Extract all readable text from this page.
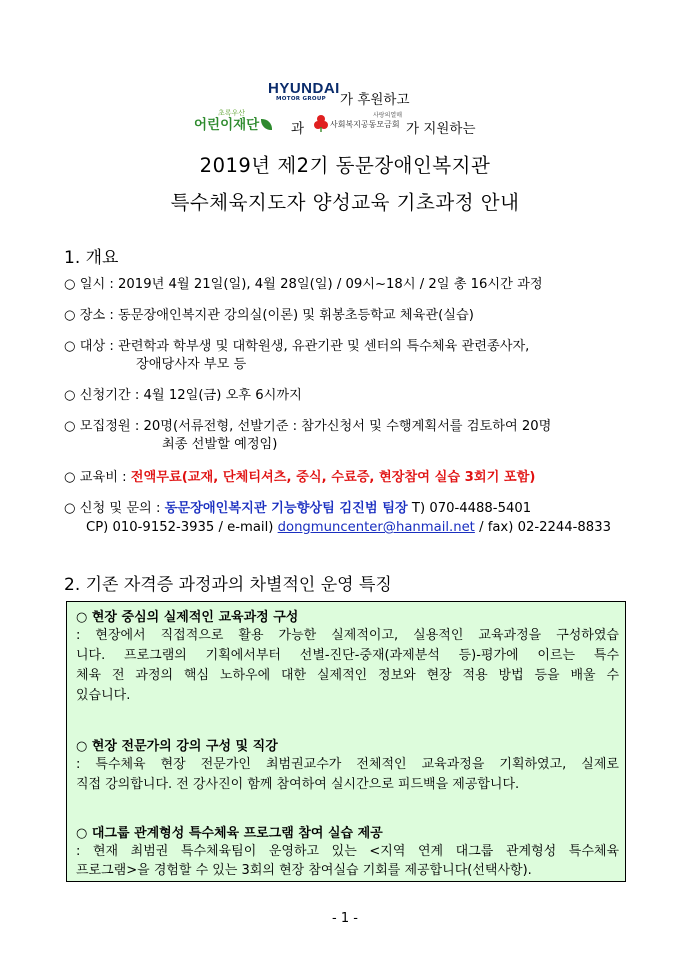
HYUNDAI
MOTOR GROUP	가 후원하고
초록우산
어린이재단	과
사랑의열매
사회복지공동모금회 가 지원하는
2019년 제2기 동문장애인복지관
특수체육지도자 양성교육 기초과정 안내
1. 개요
○ 일시 : 2019년 4월 21일(일), 4월 28일(일) / 09시~18시 / 2일 총 16시간 과정
○ 장소 : 동문장애인복지관 강의실(이론) 및 휘봉초등학교 체육관(실습)
○ 대상 : 관련학과 학부생 및 대학원생, 유관기관 및 센터의 특수체육 관련종사자,
장애당사자 부모 등
○ 신청기간 : 4월 12일(금) 오후 6시까지
○ 모집정원 : 20명(서류전형, 선발기준 : 참가신청서 및 수행계획서를 검토하여 20명
최종 선발할 예정임)
○ 교육비 : 전액무료(교재, 단체티셔츠, 중식, 수료증, 현장참여 실습 3회기 포함)
○ 신청 및 문의 : 동문장애인복지관 기능향상팀 김진범 팀장 T) 070-4488-5401
CP) 010-9152-3935 / e-mail) dongmuncenter@hanmail.net / fax) 02-2244-8833
2. 기존 자격증 과정과의 차별적인 운영 특징
○ 현장 중심의 실제적인 교육과정 구성
: 현장에서 직접적으로 활용 가능한 실제적이고, 실용적인 교육과정을 구성하였습
니다. 프로그램의 기획에서부터 선별-진단-중재(과제분석 등)-평가에 이르는 특수
체육 전 과정의 핵심 노하우에 대한 실제적인 정보와 현장 적용 방법 등을 배울 수
있습니다.
○ 현장 전문가의 강의 구성 및 직강
: 특수체육 현장 전문가인 최범권교수가 전체적인 교육과정을 기획하였고, 실제로
직접 강의합니다. 전 강사진이 함께 참여하여 실시간으로 피드백을 제공합니다.
○ 대그룹 관계형성 특수체육 프로그램 참여 실습 제공
: 현재 최범권 특수체육팀이 운영하고 있는 <지역 연계 대그룹 관계형성 특수체육
프로그램>을 경험할 수 있는 3회의 현장 참여실습 기회를 제공합니다(선택사항).
- 1 -
